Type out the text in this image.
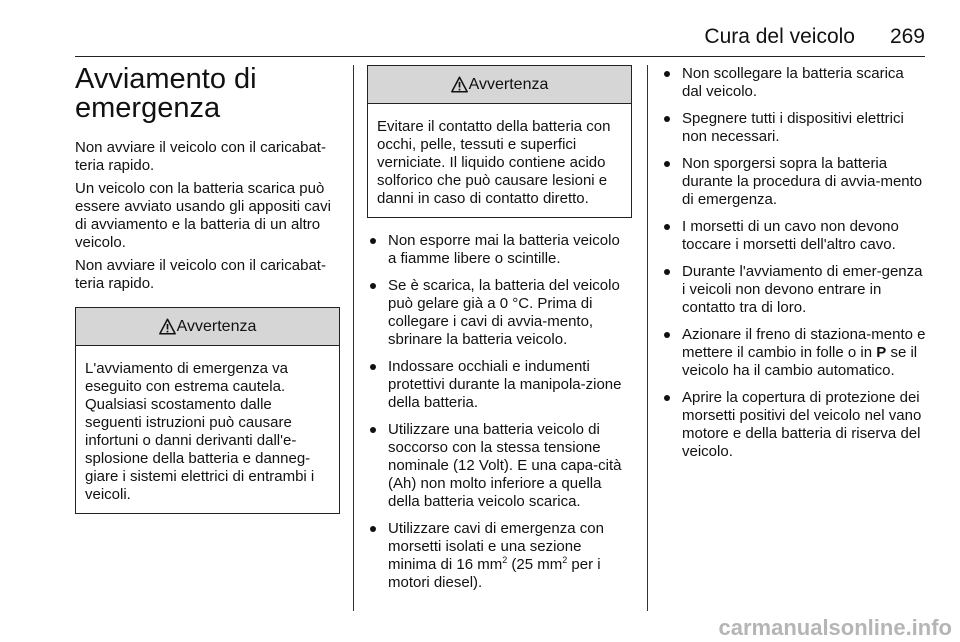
Cura del veicolo 269
Avviamento di
emergenza

Non avviare il veicolo con il caricabat-teria rapido.

Un veicolo con la batteria scarica può essere avviato usando gli appositi cavi di avviamento e la batteria di un altro veicolo.

Non avviare il veicolo con il caricabat-teria rapido.

Avvertenza
L'avviamento di emergenza va eseguito con estrema cautela. Qualsiasi scostamento dalle seguenti istruzioni può causare infortuni o danni derivanti dall'e-splosione della batteria e danneg-giare i sistemi elettrici di entrambi i veicoli.
Avvertenza
Evitare il contatto della batteria con occhi, pelle, tessuti e superfici verniciate. Il liquido contiene acido solforico che può causare lesioni e danni in caso di contatto diretto.
Non esporre mai la batteria veicolo a fiamme libere o scintille.
Se è scarica, la batteria del veicolo può gelare già a 0 °C. Prima di collegare i cavi di avvia-mento, sbrinare la batteria veicolo.
Indossare occhiali e indumenti protettivi durante la manipola-zione della batteria.
Utilizzare una batteria veicolo di soccorso con la stessa tensione nominale (12 Volt). E una capa-cità (Ah) non molto inferiore a quella della batteria veicolo scarica.
Utilizzare cavi di emergenza con morsetti isolati e una sezione minima di 16 $mm^2$ (25 $mm^2$ per i motori diesel).
Non scollegare la batteria scarica dal veicolo.
Spegnere tutti i dispositivi elettrici non necessari.
Non sporgersi sopra la batteria durante la procedura di avvia-mento di emergenza.
I morsetti di un cavo non devono toccare i morsetti dell'altro cavo.
Durante l'avviamento di emer-genza i veicoli non devono entrare in contatto tra di loro.
Azionare il freno di staziona-mento e mettere il cambio in folle o in P se il veicolo ha il cambio automatico.
Aprire la copertura di protezione dei morsetti positivi del veicolo nel vano motore e della batteria di riserva del veicolo.
carmanualsonline.info
